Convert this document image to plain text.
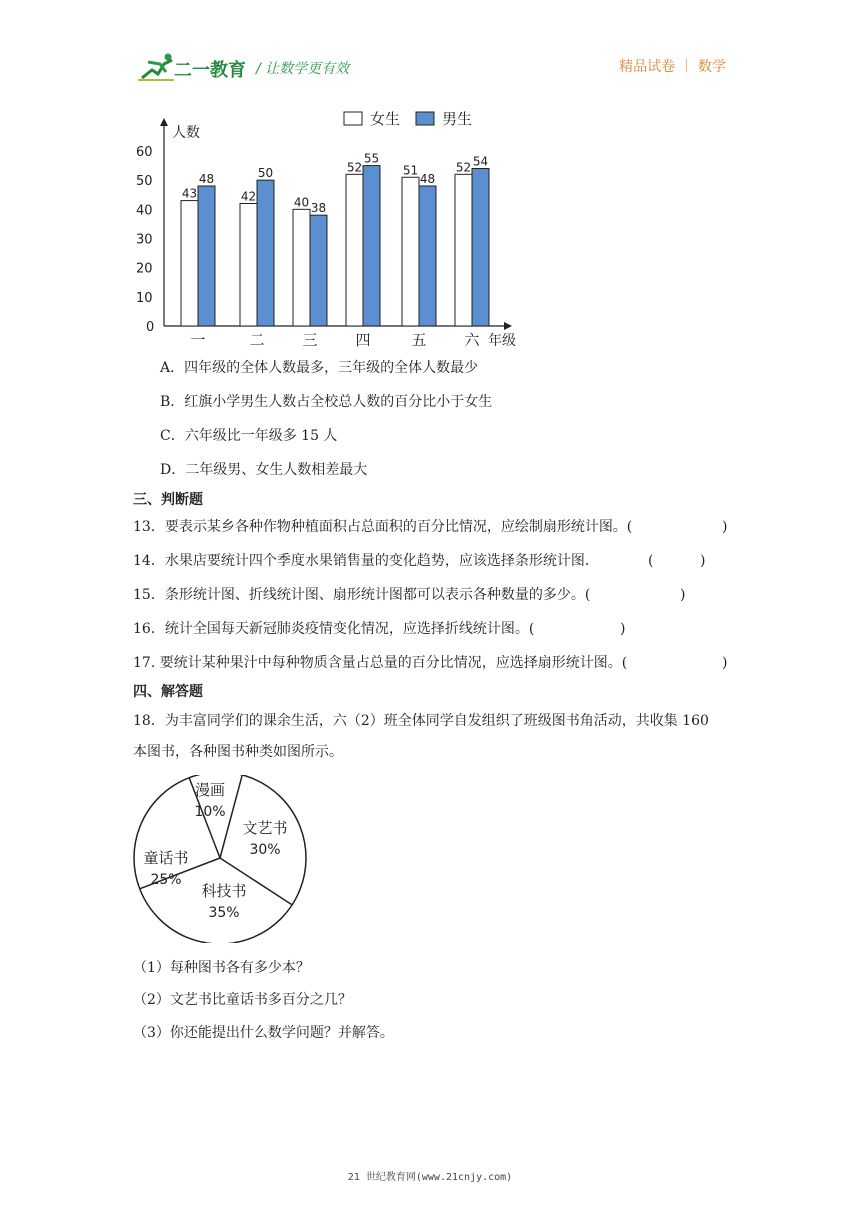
二一教育 / 让数学更有效	精品试卷 ｜ 数学
人数
0
10
20
30
40
50
60
女生	男生
43
48
一
42
50
二
40 38
三
52
55
四
51
48
五
52 54
六 年级
A．四年级的全体人数最多，三年级的全体人数最少
B．红旗小学男生人数占全校总人数的百分比小于女生
C．六年级比一年级多 15 人
D．二年级男、女生人数相差最大
三、判断题
13．要表示某乡各种作物种植面积占总面积的百分比情况，应绘制扇形统计图。(	)
14．水果店要统计四个季度水果销售量的变化趋势，应该选择条形统计图．	(	)
15．条形统计图、折线统计图、扇形统计图都可以表示各种数量的多少。(	)
16．统计全国每天新冠肺炎疫情变化情况，应选择折线统计图。(	)
17. 要统计某种果汁中每种物质含量占总量的百分比情况，应选择扇形统计图。(	)
四、解答题
18．为丰富同学们的课余生活，六（2）班全体同学自发组织了班级图书角活动，共收集 160
本图书，各种图书种类如图所示。
漫画
10%
文艺书
30%
科技书
35%
童话书
25%
（1）每种图书各有多少本？
（2）文艺书比童话书多百分之几？
（3）你还能提出什么数学问题？并解答。
21 世纪教育网(www.21cnjy.com)
